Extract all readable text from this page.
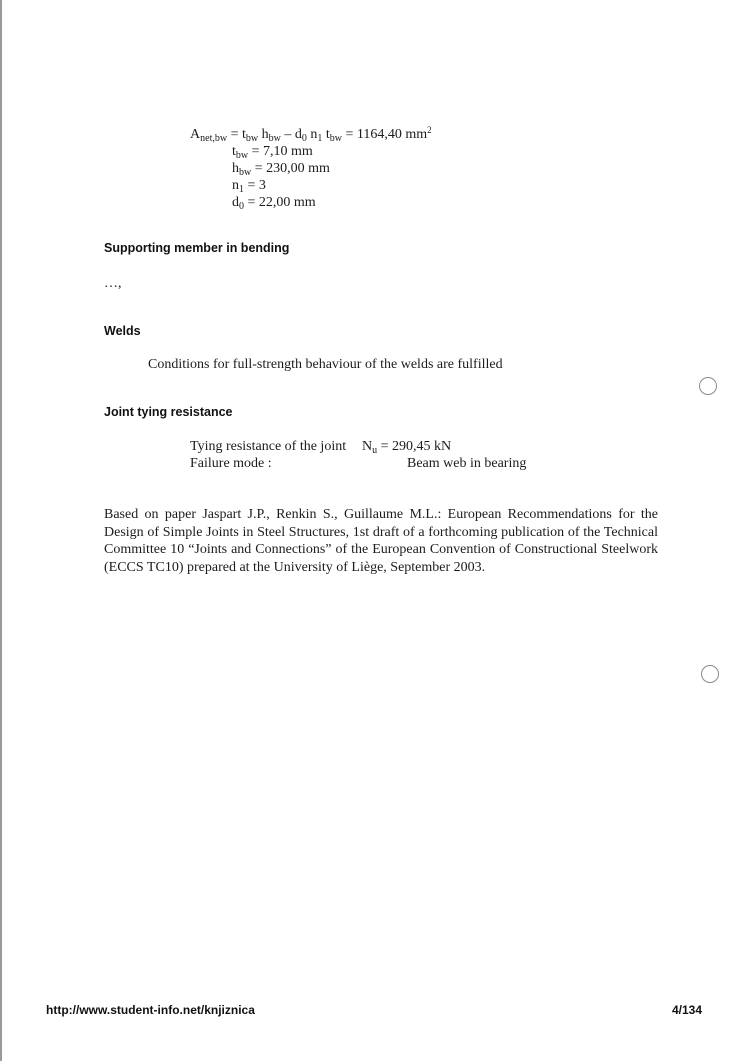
$A_{net,bw} = t_{bw}$ $h_{bw} - d_0$ $n_1$ $t_{bw} = 1164,40$ $mm^2$
$t_{bw} = 7,10$ mm
$h_{bw} = 230,00$ mm
$n_1 = 3$
$d_0 = 22,00$ mm
Supporting member in bending
…,
Welds
Conditions for full-strength behaviour of the welds are fulfilled
Joint tying resistance
Tying resistance of the joint $N_u = 290,45$ kN
Failure mode :	Beam web in bearing
Based on paper Jaspart J.P., Renkin S., Guillaume M.L.: European Recommendations for the Design of Simple Joints in Steel Structures, 1st draft of a forthcoming publication of the Technical Committee 10 “Joints and Connections” of the European Convention of Constructional Steelwork (ECCS TC10) prepared at the University of Liège, September 2003.
http://www.student-info.net/knjiznica	4/134
